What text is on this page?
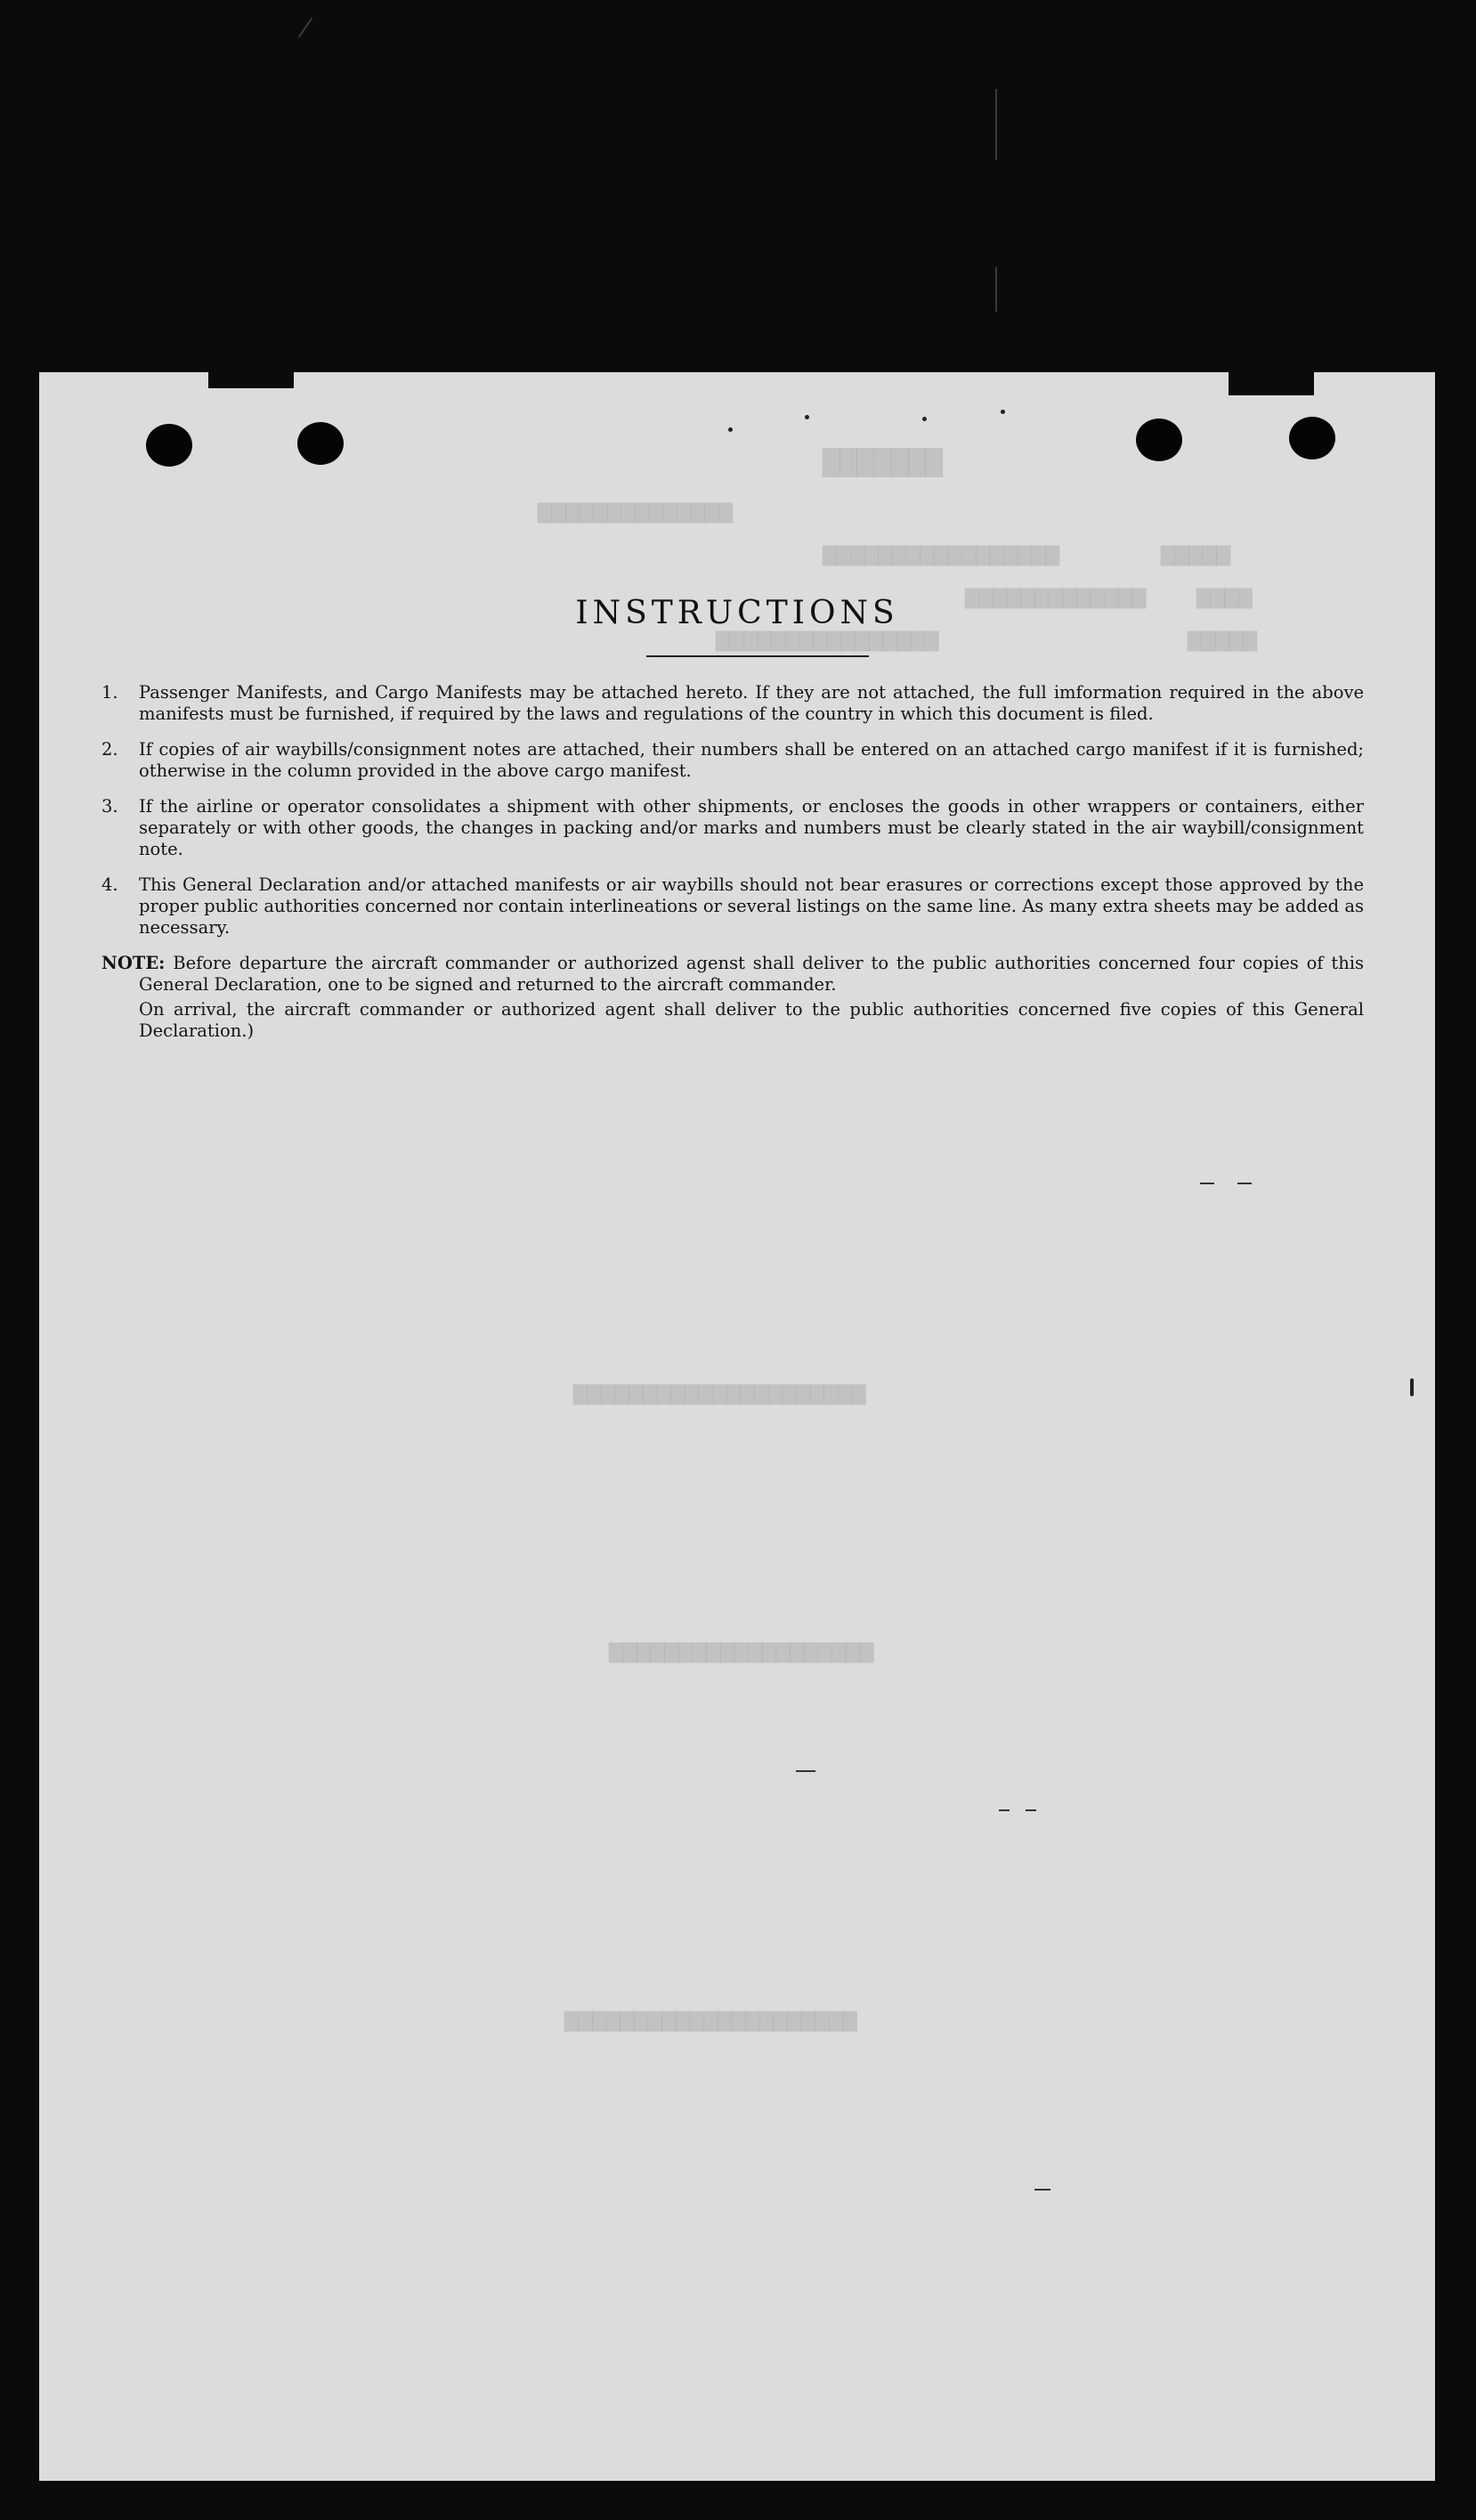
▇▇▇▇▇▇▇
▆▆▆▆▆▆▆▆▆▆▆▆▆▆
▆▆▆▆▆▆▆▆▆▆▆▆▆▆▆▆▆	▆▆▆▆▆
▆▆▆▆▆▆▆▆▆▆▆▆▆ ▆▆▆▆
▆▆▆▆▆▆▆▆▆▆▆▆▆▆▆▆	▆▆▆▆▆
▆▆▆▆▆▆▆▆▆▆▆▆▆▆▆▆▆▆▆▆▆
▆▆▆▆▆▆▆▆▆▆▆▆▆▆▆▆▆▆▆
▆▆▆▆▆▆▆▆▆▆▆▆▆▆▆▆▆▆▆▆▆
INSTRUCTIONS
1. Passenger Manifests, and Cargo Manifests may be attached hereto. If they are not attached, the full imformation required in the above manifests must be furnished, if required by the laws and regulations of the country in which this document is filed.
2. If copies of air waybills/consignment notes are attached, their numbers shall be entered on an attached cargo manifest if it is furnished; otherwise in the column provided in the above cargo manifest.
3. If the airline or operator consolidates a shipment with other shipments, or encloses the goods in other wrappers or containers, either separately or with other goods, the changes in packing and/or marks and numbers must be clearly stated in the air waybill/consignment note.
4. This General Declaration and/or attached manifests or air waybills should not bear erasures or corrections except those approved by the proper public authorities concerned nor contain interlineations or several listings on the same line. As many extra sheets may be added as necessary.
NOTE: Before departure the aircraft commander or authorized agenst shall deliver to the public authorities concerned four copies of this General Declaration, one to be signed and returned to the aircraft commander.
On arrival, the aircraft commander or authorized agent shall deliver to the public authorities concerned five copies of this General Declaration.)
